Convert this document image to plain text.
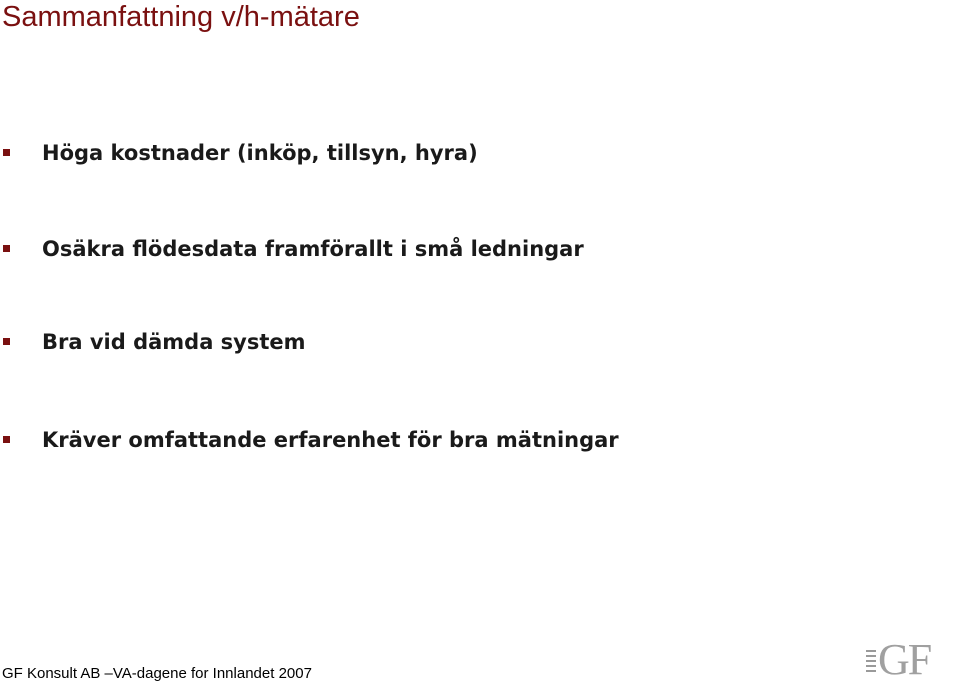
Sammanfattning v/h-mätare
Höga kostnader (inköp, tillsyn, hyra)
Osäkra flödesdata framförallt i små ledningar
Bra vid dämda system
Kräver omfattande erfarenhet för bra mätningar
GF Konsult AB –VA-dagene for Innlandet 2007	GF
